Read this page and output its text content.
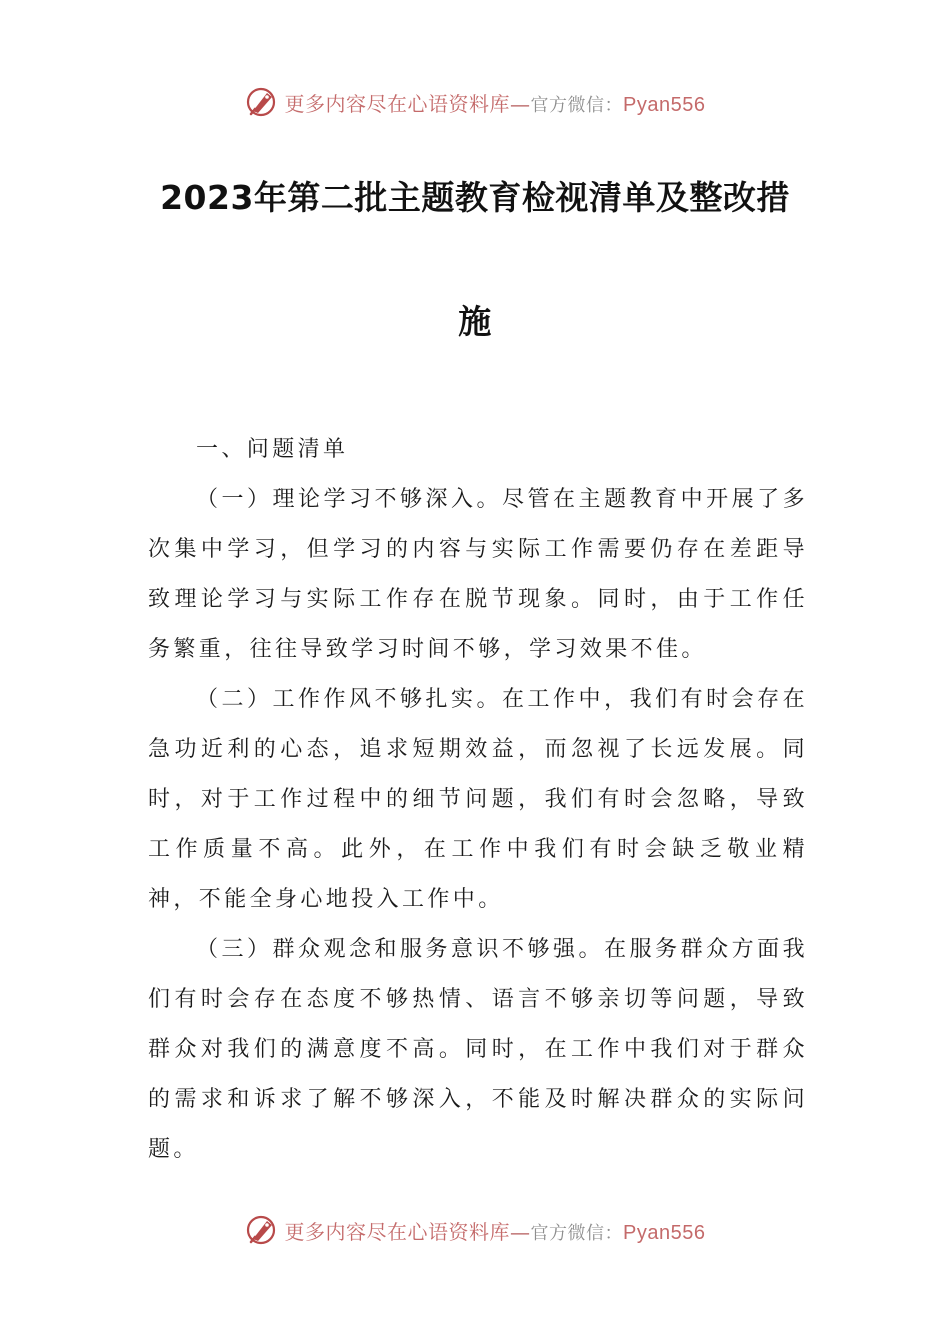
更多内容尽在心语资料库—官方微信：Pyan556
2023年第二批主题教育检视清单及整改措
施

一、问题清单

（一）理论学习不够深入。尽管在主题教育中开展了多次集中学习，但学习的内容与实际工作需要仍存在差距导致理论学习与实际工作存在脱节现象。同时，由于工作任务繁重，往往导致学习时间不够，学习效果不佳。

（二）工作作风不够扎实。在工作中，我们有时会存在急功近利的心态，追求短期效益，而忽视了长远发展。同时，对于工作过程中的细节问题，我们有时会忽略，导致工作质量不高。此外，在工作中我们有时会缺乏敬业精神，不能全身心地投入工作中。

（三）群众观念和服务意识不够强。在服务群众方面我们有时会存在态度不够热情、语言不够亲切等问题，导致群众对我们的满意度不高。同时，在工作中我们对于群众的需求和诉求了解不够深入，不能及时解决群众的实际问题。

更多内容尽在心语资料库—官方微信：Pyan556
